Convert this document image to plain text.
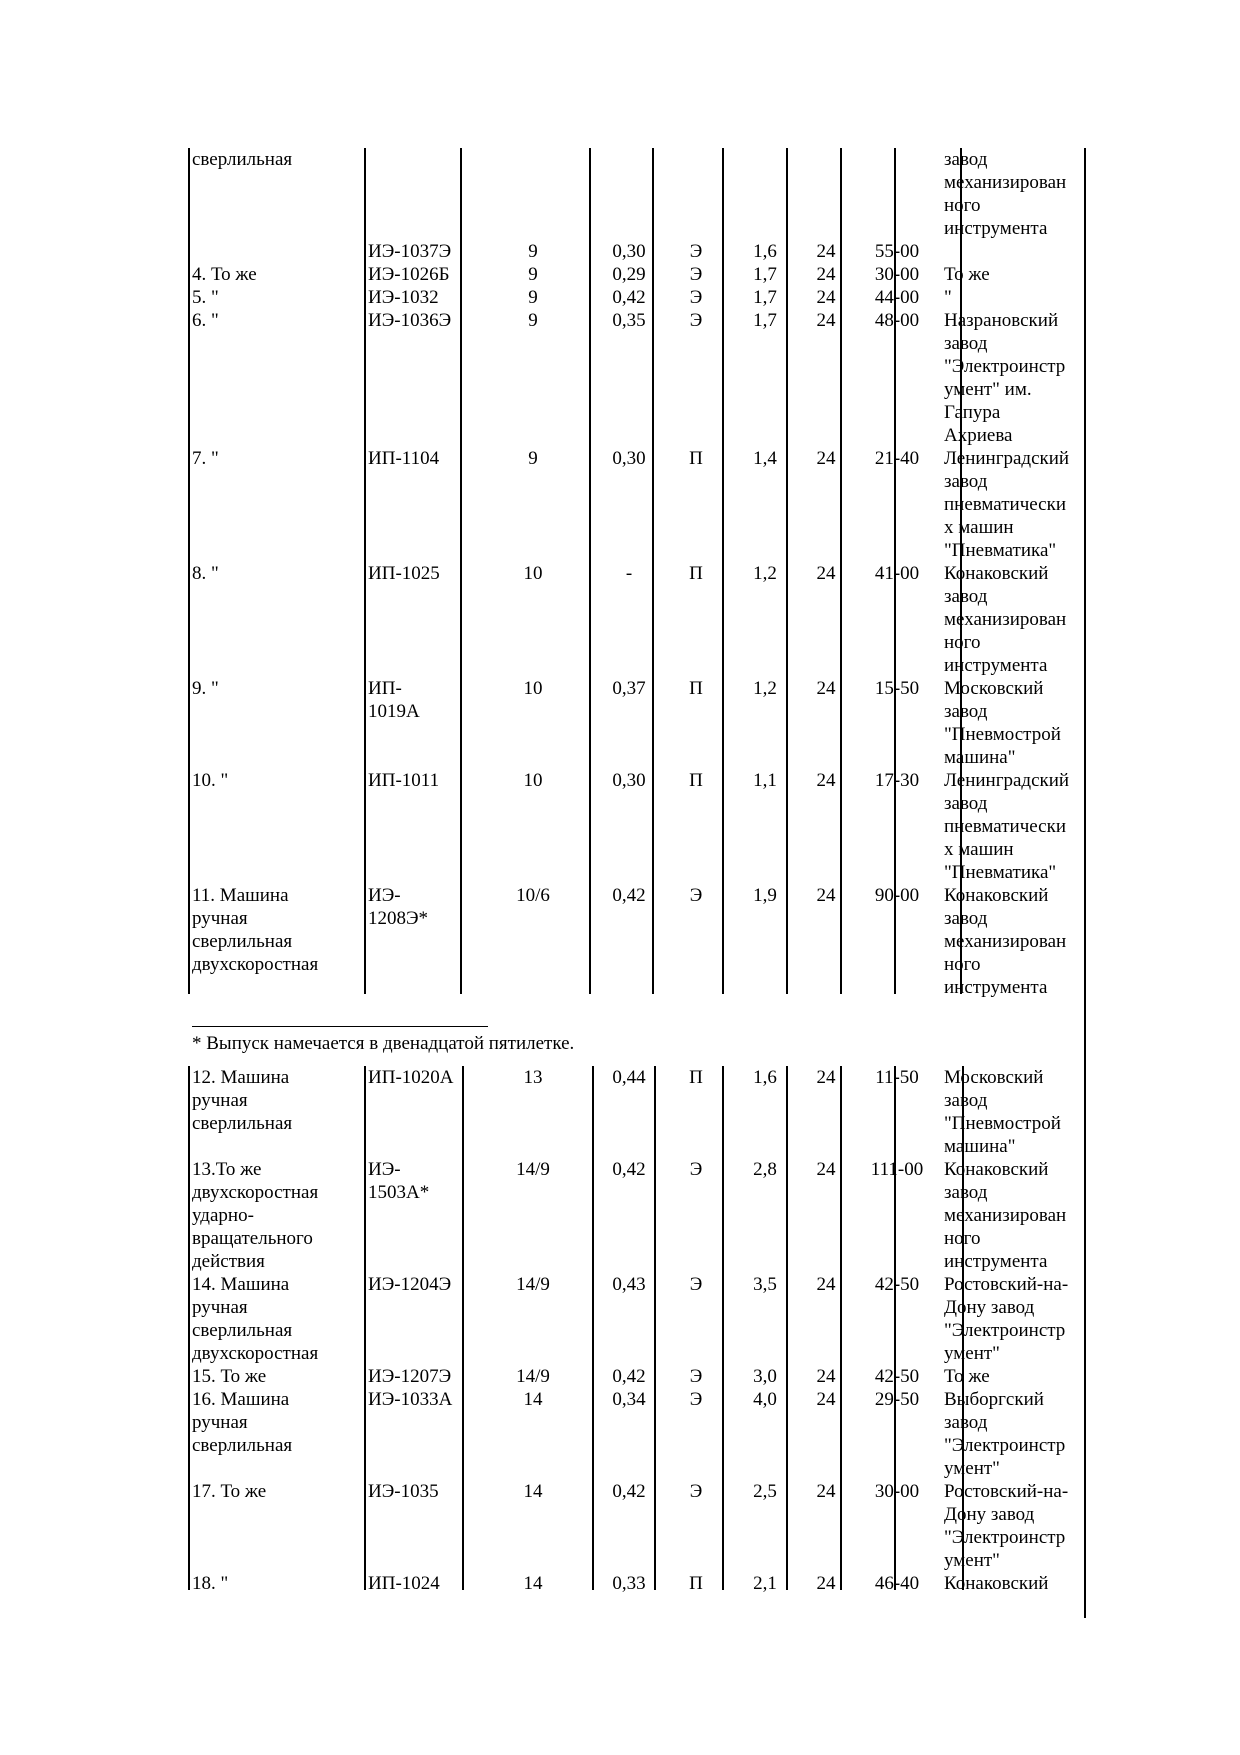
сверлильная	завод
механизирован
ного
инструмента
ИЭ-1037Э	9	0,30	Э	1,6	24	55-00
4. То же	ИЭ-1026Б	9	0,29	Э	1,7	24	30-00	То же
5. "	ИЭ-1032	9	0,42	Э	1,7	24	44-00	"
6. "	ИЭ-1036Э	9	0,35	Э	1,7	24	48-00	Назрановский
завод
"Электроинстр
умент" им.
Гапура
Ахриева
7. "	ИП-1104	9	0,30	П	1,4	24	21-40	Ленинградский
завод
пневматически
х машин
"Пневматика"
8. "	ИП-1025	10	-	П	1,2	24	41-00	Конаковский
завод
механизирован
ного
инструмента
9. "	ИП-
1019А
10	0,37	П	1,2	24	15-50	Московский
завод
"Пневмострой
машина"
10. "	ИП-1011	10	0,30	П	1,1	24	17-30	Ленинградский
завод
пневматически
х машин
"Пневматика"
11. Машина
ручная
сверлильная
двухскоростная
ИЭ-
1208Э*
10/6	0,42	Э	1,9	24	90-00	Конаковский
завод
механизирован
ного
инструмента
* Выпуск намечается в двенадцатой пятилетке.
12. Машина
ручная
сверлильная
ИП-1020А	13	0,44	П	1,6	24	11-50	Московский
завод
"Пневмострой
машина"
13.То же
двухскоростная
ударно-
вращательного
действия
ИЭ-
1503А*
14/9	0,42	Э	2,8	24	111-00	Конаковский
завод
механизирован
ного
инструмента
14. Машина
ручная
сверлильная
двухскоростная
ИЭ-1204Э	14/9	0,43	Э	3,5	24	42-50	Ростовский-на-
Дону завод
"Электроинстр
умент"
15. То же	ИЭ-1207Э	14/9	0,42	Э	3,0	24	42-50	То же
16. Машина
ручная
сверлильная
ИЭ-1033А	14	0,34	Э	4,0	24	29-50	Выборгский
завод
"Электроинстр
умент"
17. То же	ИЭ-1035	14	0,42	Э	2,5	24	30-00	Ростовский-на-
Дону завод
"Электроинстр
умент"
18. "	ИП-1024	14	0,33	П	2,1	24	46-40	Конаковский
